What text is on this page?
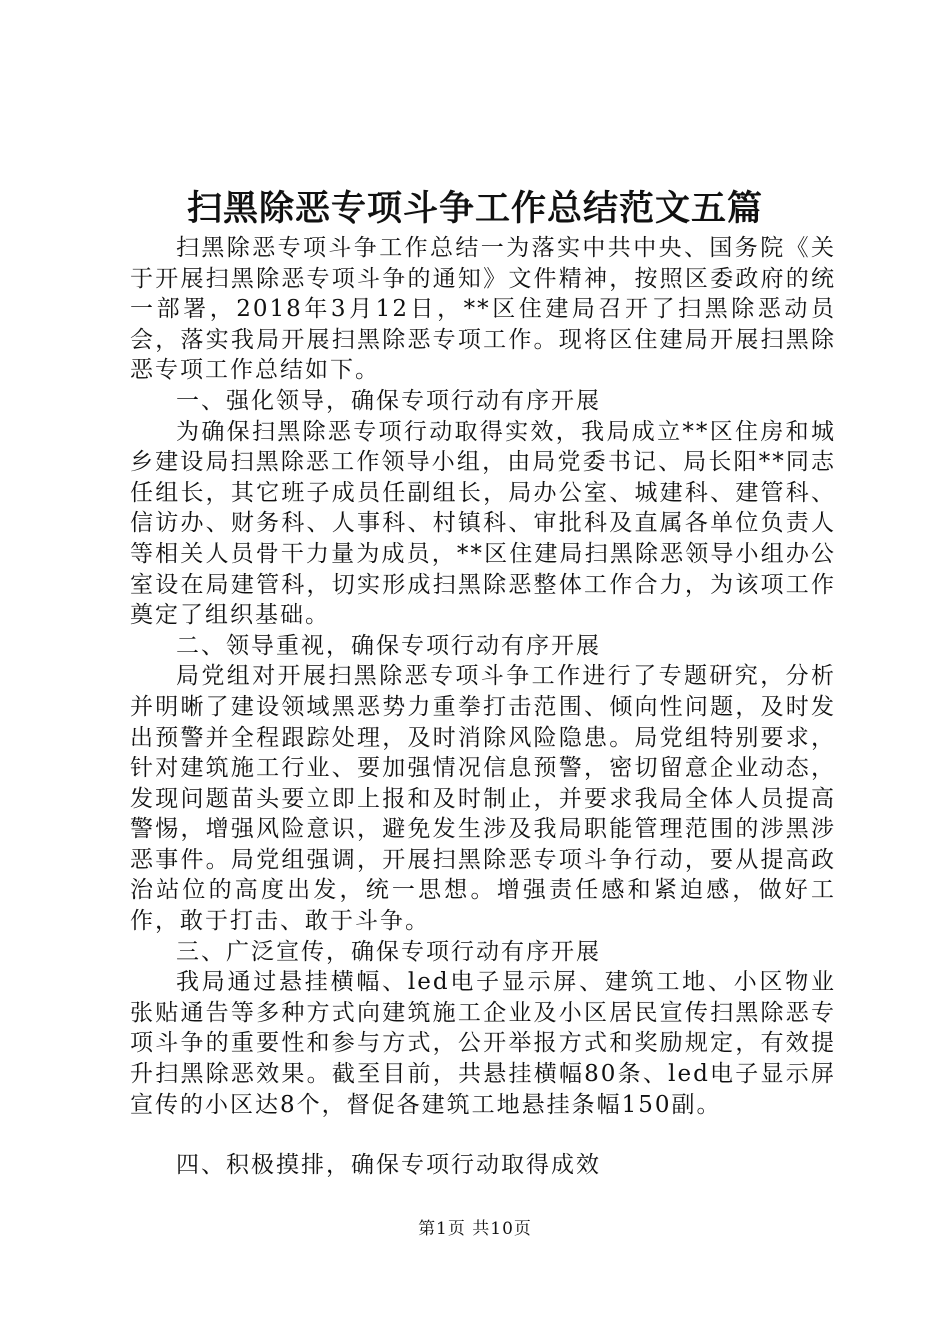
扫黑除恶专项斗争工作总结范文五篇

扫黑除恶专项斗争工作总结一为落实中共中央、国务院《关于开展扫黑除恶专项斗争的通知》文件精神，按照区委政府的统一部署，2018年3月12日，**区住建局召开了扫黑除恶动员会，落实我局开展扫黑除恶专项工作。现将区住建局开展扫黑除恶专项工作总结如下。

一、强化领导，确保专项行动有序开展

为确保扫黑除恶专项行动取得实效，我局成立**区住房和城乡建设局扫黑除恶工作领导小组，由局党委书记、局长阳**同志任组长，其它班子成员任副组长，局办公室、城建科、建管科、信访办、财务科、人事科、村镇科、审批科及直属各单位负责人等相关人员骨干力量为成员，**区住建局扫黑除恶领导小组办公室设在局建管科，切实形成扫黑除恶整体工作合力，为该项工作奠定了组织基础。

二、领导重视，确保专项行动有序开展

局党组对开展扫黑除恶专项斗争工作进行了专题研究，分析并明晰了建设领域黑恶势力重拳打击范围、倾向性问题，及时发出预警并全程跟踪处理，及时消除风险隐患。局党组特别要求，针对建筑施工行业、要加强情况信息预警，密切留意企业动态，发现问题苗头要立即上报和及时制止，并要求我局全体人员提高警惕，增强风险意识，避免发生涉及我局职能管理范围的涉黑涉恶事件。局党组强调，开展扫黑除恶专项斗争行动，要从提高政治站位的高度出发，统一思想。增强责任感和紧迫感，做好工作，敢于打击、敢于斗争。

三、广泛宣传，确保专项行动有序开展

我局通过悬挂横幅、led电子显示屏、建筑工地、小区物业张贴通告等多种方式向建筑施工企业及小区居民宣传扫黑除恶专项斗争的重要性和参与方式，公开举报方式和奖励规定，有效提升扫黑除恶效果。截至目前，共悬挂横幅80条、led电子显示屏宣传的小区达8个，督促各建筑工地悬挂条幅150副。

四、积极摸排，确保专项行动取得成效

第1页 共10页
